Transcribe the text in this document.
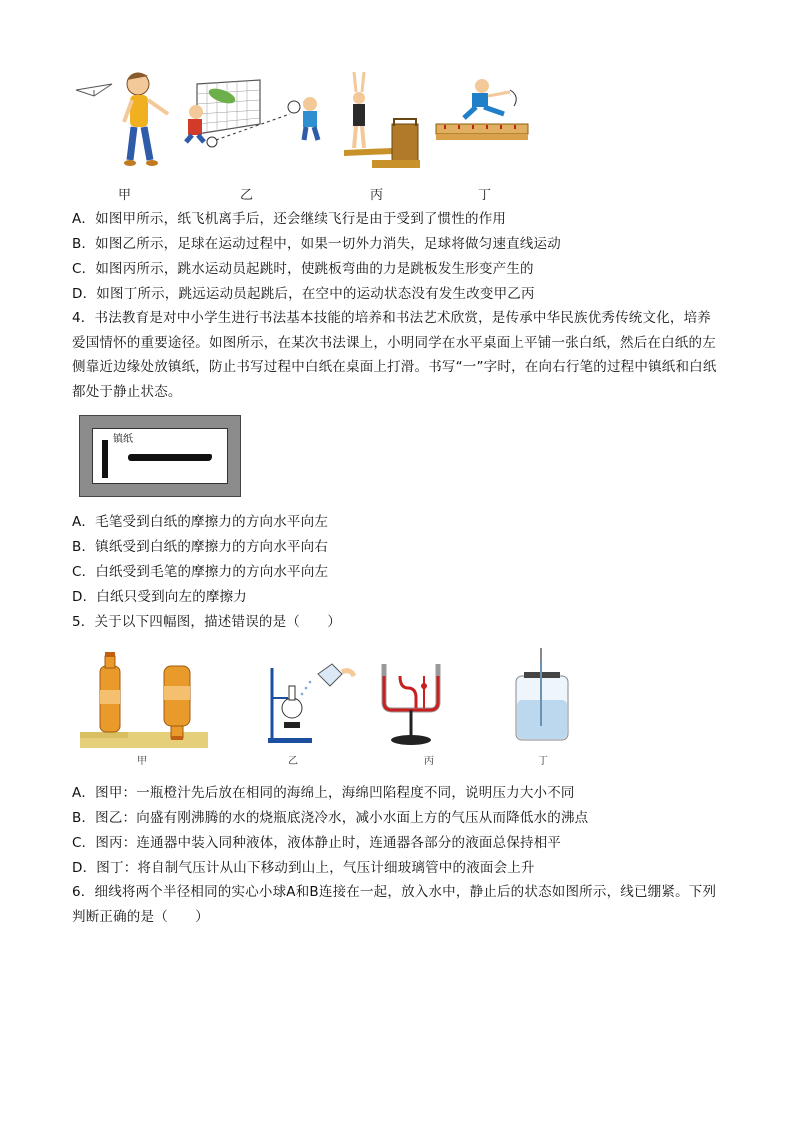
甲	乙	丙	丁
A．如图甲所示，纸飞机离手后，还会继续飞行是由于受到了惯性的作用
B．如图乙所示，足球在运动过程中，如果一切外力消失，足球将做匀速直线运动
C．如图丙所示，跳水运动员起跳时，使跳板弯曲的力是跳板发生形变产生的
D．如图丁所示，跳远运动员起跳后，在空中的运动状态没有发生改变甲乙丙
4．书法教育是对中小学生进行书法基本技能的培养和书法艺术欣赏，是传承中华民族优秀传统文化，培养爱国情怀的重要途径。如图所示，在某次书法课上，小明同学在水平桌面上平铺一张白纸，然后在白纸的左侧靠近边缘处放镇纸，防止书写过程中白纸在桌面上打滑。书写“一”字时，在向右行笔的过程中镇纸和白纸都处于静止状态。
镇纸
A．毛笔受到白纸的摩擦力的方向水平向左
B．镇纸受到白纸的摩擦力的方向水平向右
C．白纸受到毛笔的摩擦力的方向水平向左
D．白纸只受到向左的摩擦力
5．关于以下四幅图，描述错误的是（　　）
甲	乙	丙	丁
A．图甲：一瓶橙汁先后放在相同的海绵上，海绵凹陷程度不同，说明压力大小不同
B．图乙：向盛有刚沸腾的水的烧瓶底浇冷水，减小水面上方的气压从而降低水的沸点
C．图丙：连通器中装入同种液体，液体静止时，连通器各部分的液面总保持相平
D．图丁：将自制气压计从山下移动到山上，气压计细玻璃管中的液面会上升
6．细线将两个半径相同的实心小球A和B连接在一起，放入水中，静止后的状态如图所示，线已绷紧。下列判断正确的是（　　）
